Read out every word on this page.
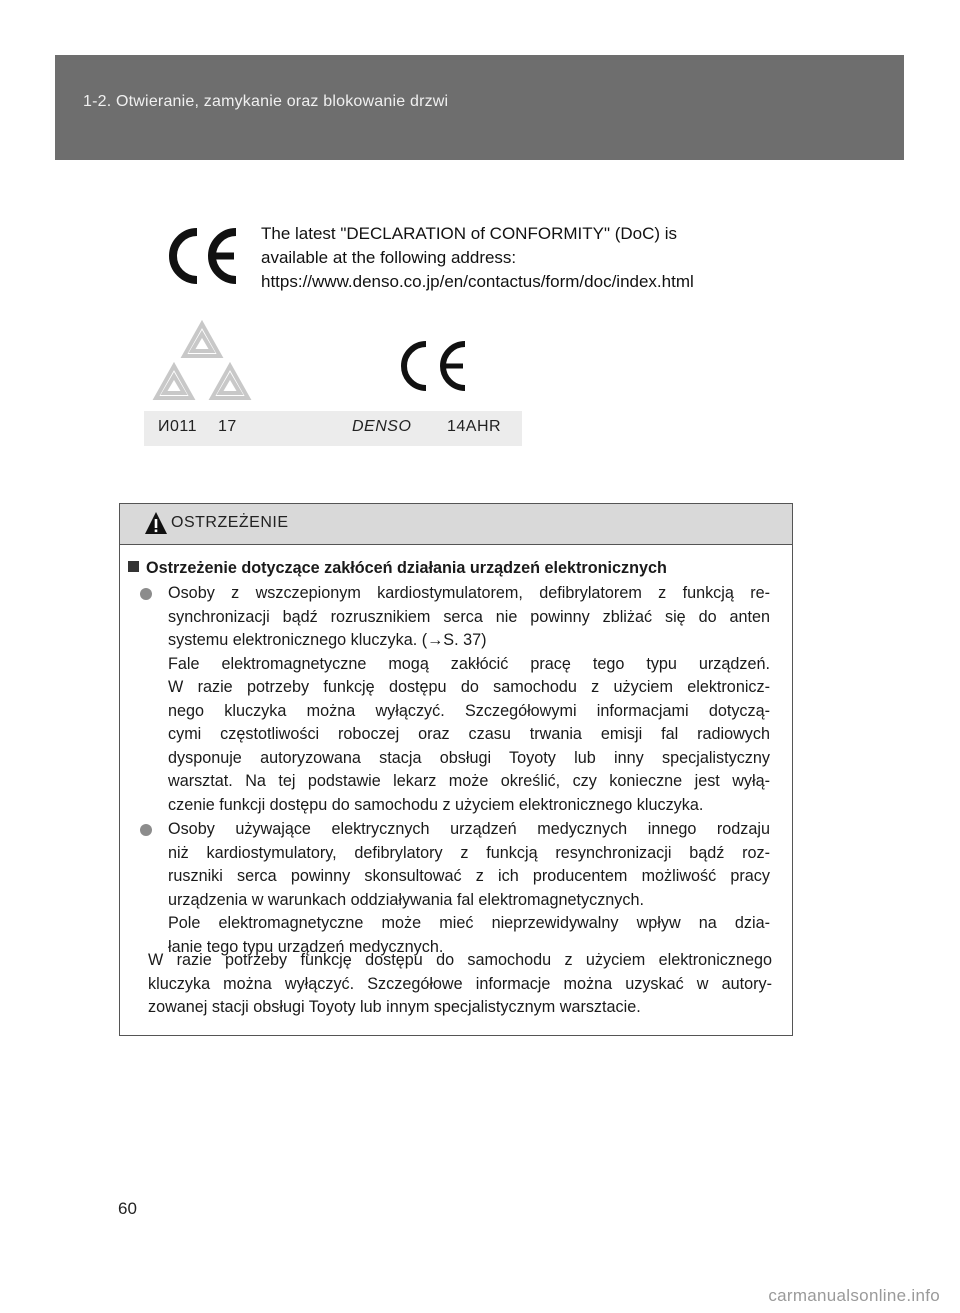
1-2. Otwieranie, zamykanie oraz blokowanie drzwi
The latest "DECLARATION of CONFORMITY" (DoC) is
available at the following address:
https://www.denso.co.jp/en/contactus/form/doc/index.html
И011 17	DENSO 14AHR
OSTRZEŻENIE
Ostrzeżenie dotyczące zakłóceń działania urządzeń elektronicznych
Osoby z wszczepionym kardiostymulatorem, defibrylatorem z funkcją re-
synchronizacji bądź rozrusznikiem serca nie powinny zbliżać się do anten
systemu elektronicznego kluczyka. (→S. 37)
Fale elektromagnetyczne mogą zakłócić pracę tego typu urządzeń.
W razie potrzeby funkcję dostępu do samochodu z użyciem elektronicz-
nego kluczyka można wyłączyć. Szczegółowymi informacjami dotyczą-
cymi częstotliwości roboczej oraz czasu trwania emisji fal radiowych
dysponuje autoryzowana stacja obsługi Toyoty lub inny specjalistyczny
warsztat. Na tej podstawie lekarz może określić, czy konieczne jest wyłą-
czenie funkcji dostępu do samochodu z użyciem elektronicznego kluczyka.
Osoby używające elektrycznych urządzeń medycznych innego rodzaju
niż kardiostymulatory, defibrylatory z funkcją resynchronizacji bądź roz-
ruszniki serca powinny skonsultować z ich producentem możliwość pracy
urządzenia w warunkach oddziaływania fal elektromagnetycznych.
Pole elektromagnetyczne może mieć nieprzewidywalny wpływ na dzia-
łanie tego typu urządzeń medycznych.
W razie potrzeby funkcję dostępu do samochodu z użyciem elektronicznego
kluczyka można wyłączyć. Szczegółowe informacje można uzyskać w autory-
zowanej stacji obsługi Toyoty lub innym specjalistycznym warsztacie.
60
carmanualsonline.info
